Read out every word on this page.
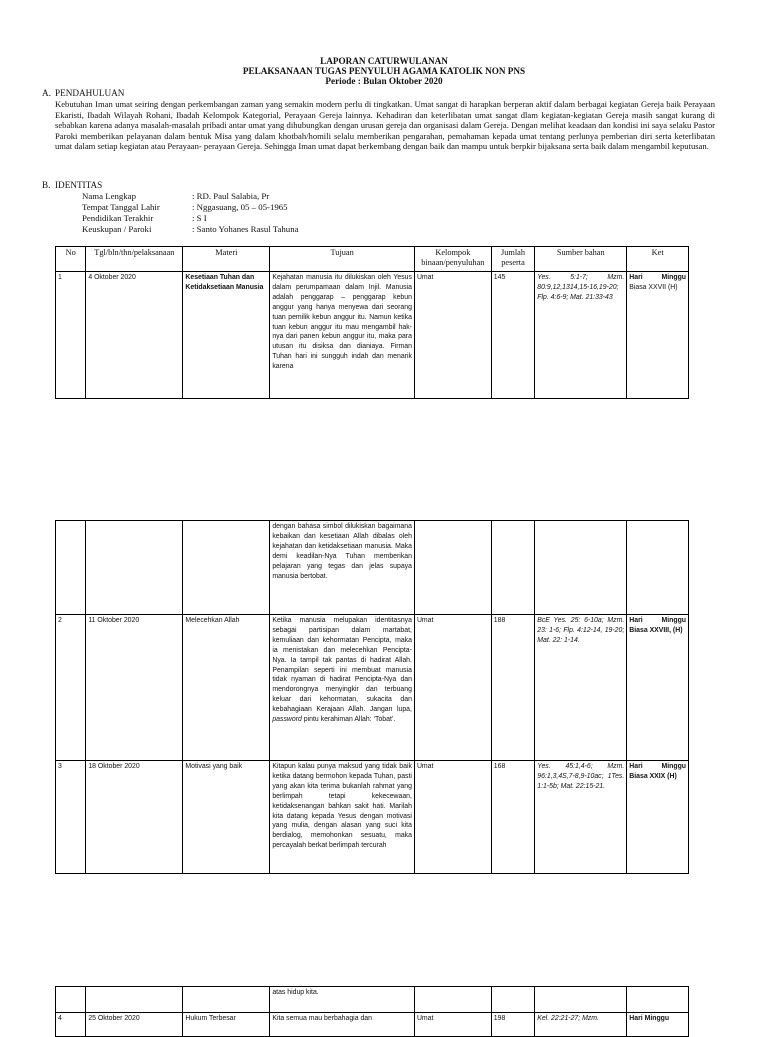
LAPORAN CATURWULANAN
PELAKSANAAN TUGAS PENYULUH AGAMA KATOLIK NON PNS
Periode : Bulan Oktober 2020
A. PENDAHULUAN
Kebutuhan Iman umat seiring dengan perkembangan zaman yang semakin modern perlu di tingkatkan. Umat sangat di harapkan berperan aktif dalam berbagai kegiatan Gereja baik Perayaan Ekaristi, Ibadah Wilayah Rohani, Ibadah Kelompok Kategorial, Perayaan Gereja lainnya. Kehadiran dan keterlibatan umat sangat dlam kegiatan-kegiatan Gereja masih sangat kurang di sebabkan karena adanya masalah-masalah pribadi antar umat yang dihubungkan dengan urusan gereja dan organisasi dalam Gereja. Dengan melihat keadaan dan kondisi ini saya selaku Pastor Paroki memberikan pelayanan dalam bentuk Misa yang dalam khotbah/homili selalu memberikan pengarahan, pemahaman kepada umat tentang perlunya pemberian diri serta keterlibatan umat dalam setiap kegiatan atau Perayaan- perayaan Gereja. Sehingga Iman umat dapat berkembang dengan baik dan mampu untuk berpkir bijaksana serta baik dalam mengambil keputusan.
B. IDENTITAS
Nama Lengkap	: RD. Paul Salabia, Pr
Tempat Tanggal Lahir	: Nggasuang, 05 – 05-1965
Pendidikan Terakhir	: S I
Keuskupan / Paroki	: Santo Yohanes Rasul Tahuna
No	Tgl/bln/thn/pelaksanaan	Materi	Tujuan	Kelompok binaan/penyuluhan	Jumlah peserta	Sumber bahan	Ket
1	4 Oktober 2020	Kesetiaan Tuhan dan Ketidaksetiaan Manusia	Kejahatan manusia itu dilukiskan oleh Yesus dalam perumpamaan dalam Injil. Manusia adalah penggarap – penggarap kebun anggur yang hanya menyewa dari seorang tuan pemilik kebun anggur itu. Namun ketika tuan kebun anggur itu mau mengambil haknya dari panen kebun anggur itu, maka para utusan itu disiksa dan dianiaya. Firman Tuhan hari ini sungguh indah dan menarik karena	Umat	145	Yes. 5:1-7; Mzm. 80:9,12,1314,15-16,19-20; Flp. 4:6-9; Mat. 21:33-43	Hari Minggu Biasa XXVII (H)
			dengan bahasa simbol dilukiskan bagaimana kebaikan dan kesetiaan Allah dibalas oleh kejahatan dan ketidaksetiaan manusia. Maka demi keadilan-Nya Tuhan memberikan pelajaran yang tegas dan jelas supaya manusia bertobat.				
2	11 Oktober 2020	Melecehkan Allah	Ketika manusia melupakan identitasnya sebagai partisipan dalam martabat, kemuliaan dan kehormatan Pencipta, maka ia menistakan dan melecehkan Pencipta-Nya. Ia tampil tak pantas di hadirat Allah. Penampilan seperti ini membuat manusia tidak nyaman di hadirat Pencipta-Nya dan mendorongnya menyingkir dan terbuang keluar dari kehormatan, sukacita dan kebahagiaan Kerajaan Allah. Jangan lupa, password pintu kerahiman Allah: ‘Tobat’.	Umat	188	BcE Yes. 25: 6-10a; Mzm. 23: 1-6; Flp. 4:12-14, 19-20; Mat. 22: 1-14.	Hari Minggu Biasa XXVIII, (H)
3	18 Oktober 2020	Motivasi yang baik	Kitapun kalau punya maksud yang tidak baik ketika datang bermohon kepada Tuhan, pasti yang akan kita terima bukanlah rahmat yang berlimpah tetapi kekecewaan, ketidaksenangan bahkan sakit hati. Marilah kita datang kepada Yesus dengan motivasi yang mulia, dengan alasan yang suci kita berdialog, memohonkan sesuatu, maka percayalah berkat berlimpah tercurah	Umat	168	Yes. 45:1,4-6; Mzm. 96:1,3,4S,7-8,9-10ac; 1Tes. 1:1-5b; Mat. 22:15-21.	Hari Minggu Biasa XXIX (H)
			atas hidup kita.				
4	25 Oktober 2020	Hukum Terbesar	Kita semua mau berbahagia dan	Umat	198	Kel. 22:21-27; Mzm.	Hari Minggu
